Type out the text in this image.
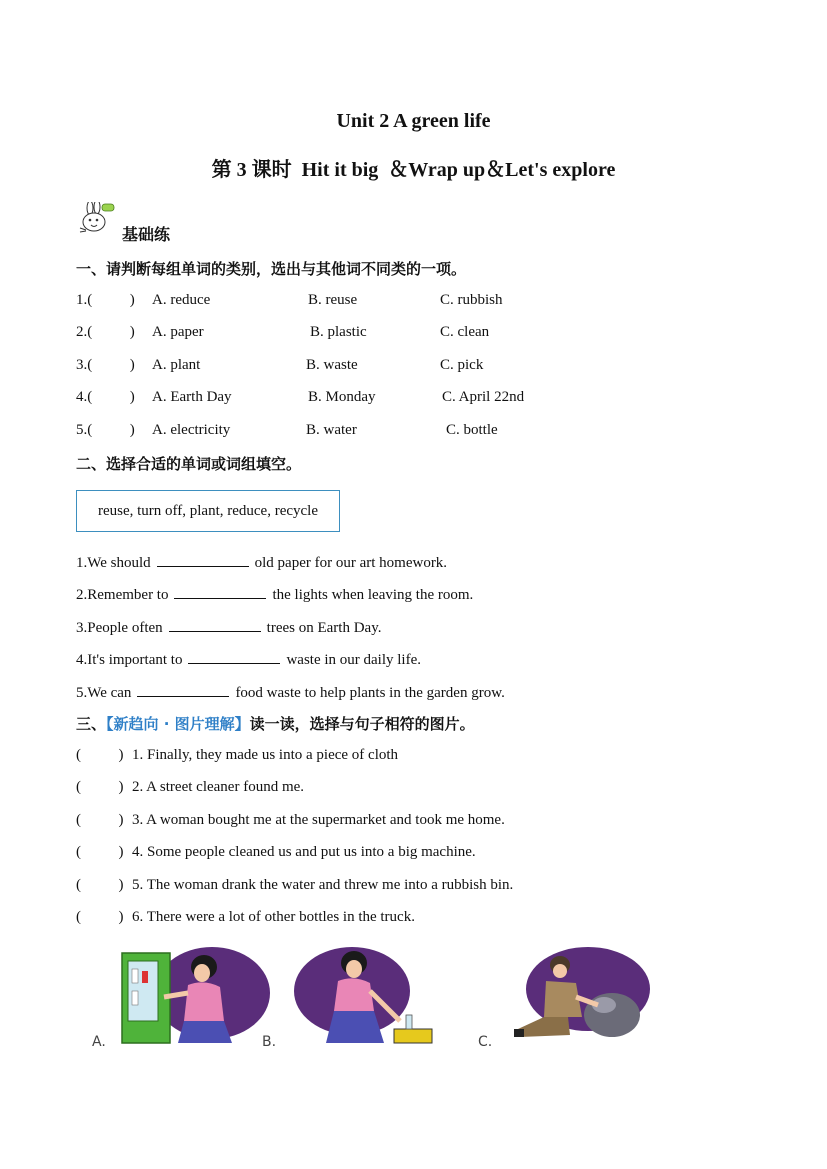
Unit 2 A green life
第 3 课时  Hit it big  ＆Wrap up＆Let's explore
基础练
一、请判断每组单词的类别，选出与其他词不同类的一项。
1.(          ) A. reduce	B. reuse	C. rubbish
2.(          ) A. paper	B. plastic	C. clean
3.(          ) A. plant	B. waste	C. pick
4.(          ) A. Earth Day	B. Monday	C. April 22nd
5.(          ) A. electricity	B. water	C. bottle
二、选择合适的单词或词组填空。
reuse, turn off, plant, reduce, recycle
1.We should	old paper for our art homework.
2.Remember to	the lights when leaving the room.
3.People often	trees on Earth Day.
4.It's important to	waste in our daily life.
5.We can	food waste to help plants in the garden grow.
三、【新趋向 · 图片理解】读一读，选择与句子相符的图片。
(          ) 1. Finally, they made us into a piece of cloth
(          ) 2. A street cleaner found me.
(          ) 3. A woman bought me at the supermarket and took me home.
(          ) 4. Some people cleaned us and put us into a big machine.
(          ) 5. The woman drank the water and threw me into a rubbish bin.
(          ) 6. There were a lot of other bottles in the truck.
A.	B.	C.
